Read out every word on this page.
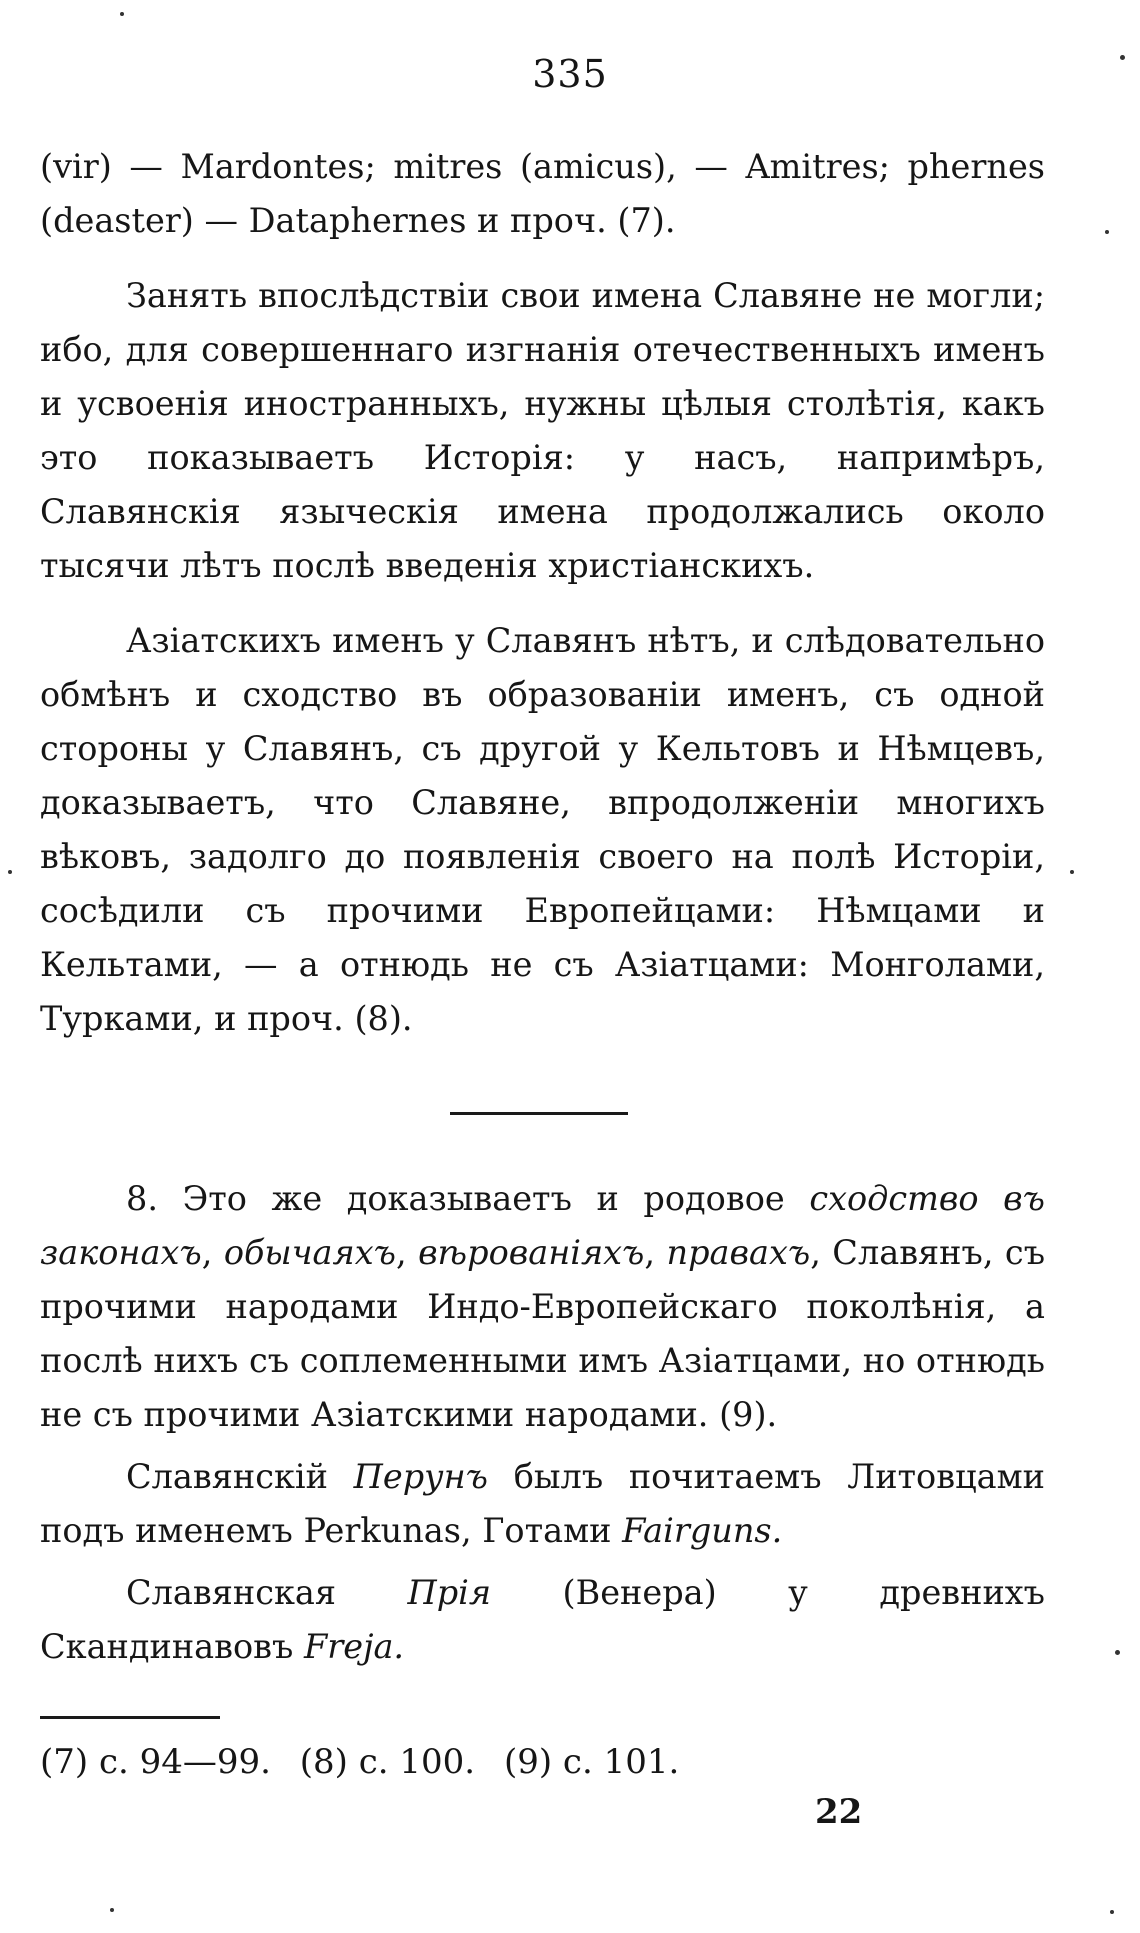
335

(vir) — Mardontes; mitres (amicus), — Amitres; phernes

(deaster) — Dataphernes и проч. (7).

Занять впослѣдствіи свои имена Славяне не могли; ибо, для совершеннаго изгнанія отечественныхъ именъ и усвоенія иностранныхъ, нужны цѣлыя столѣтія, какъ это показываетъ Исторія: у насъ, напримѣръ, Славянскія языческія имена продолжались около тысячи лѣтъ послѣ введенія христіанскихъ.

Азіатскихъ именъ у Славянъ нѣтъ, и слѣдовательно обмѣнъ и сходство въ образованіи именъ, съ одной стороны у Славянъ, съ другой у Кельтовъ и Нѣмцевъ, доказываетъ, что Славяне, впродолженіи многихъ вѣковъ, задолго до появленія своего на полѣ Исторіи, сосѣдили съ прочими Европейцами: Нѣмцами и Кельтами, — а отнюдь не съ Азіатцами: Монголами, Турками, и проч. (8).

8. Это же доказываетъ и родовое сходство въ законахъ, обычаяхъ, вѣрованіяхъ, правахъ, Славянъ, съ прочими народами Индо-Европейскаго поколѣнія, а послѣ нихъ съ соплеменными имъ Азіатцами, но отнюдь не съ прочими Азіатскими народами. (9).

Славянскій Перунъ былъ почитаемъ Литовцами подъ именемъ Perkunas, Готами Fairguns.

Славянская Прія (Венера) у древнихъ Скандинавовъ Freja.

(7) с. 94—99. (8) с. 100. (9) с. 101.
22
